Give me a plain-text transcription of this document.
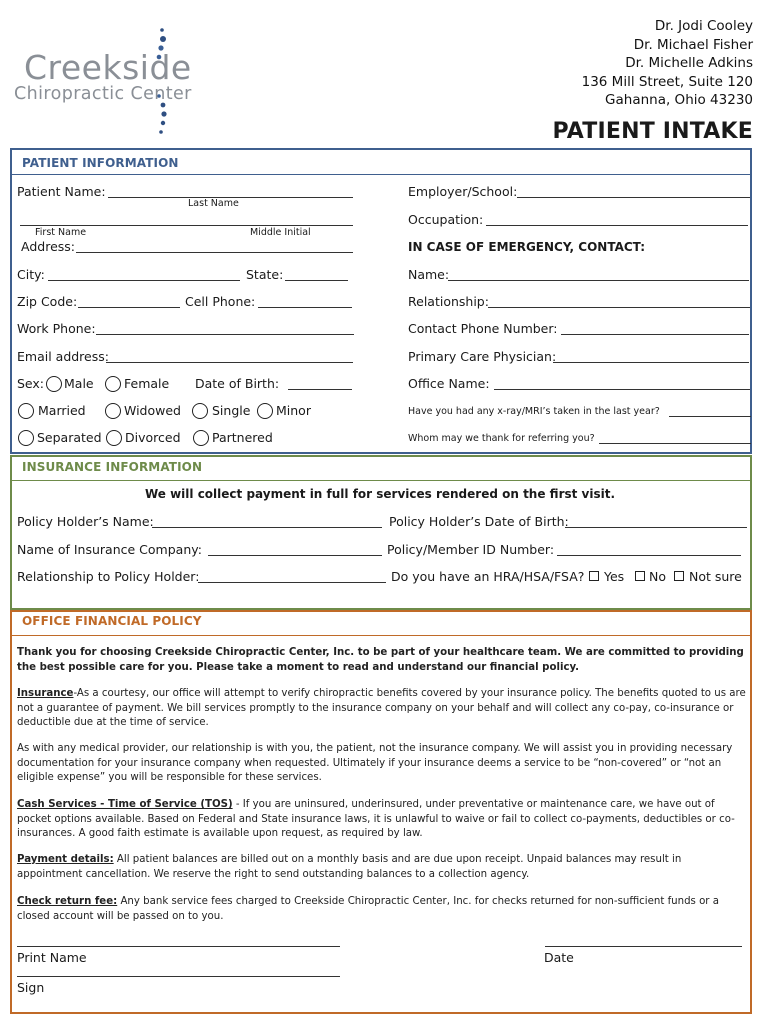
Creekside
Chiropractic Center
Dr. Jodi Cooley
Dr. Michael Fisher
Dr. Michelle Adkins
136 Mill Street, Suite 120
Gahanna, Ohio 43230
PATIENT INTAKE
PATIENT INFORMATION
Patient Name:
Last Name
First Name	Middle Initial
Address:
City:	State:
Zip Code:	Cell Phone:
Work Phone:
Email address:
Sex: Male Female Date of Birth:
Married	Widowed Single Minor
Separated Divorced	Partnered
Employer/School:
Occupation:
IN CASE OF EMERGENCY, CONTACT:
Name:
Relationship:
Contact Phone Number:
Primary Care Physician:
Office Name:
Have you had any x-ray/MRI’s taken in the last year?
Whom may we thank for referring you?
INSURANCE INFORMATION
We will collect payment in full for services rendered on the first visit.
Policy Holder’s Name:	Policy Holder’s Date of Birth:
Name of Insurance Company:	Policy/Member ID Number:
Relationship to Policy Holder:	Do you have an HRA/HSA/FSA? Yes No Not sure
OFFICE FINANCIAL POLICY
Thank you for choosing Creekside Chiropractic Center, Inc. to be part of your healthcare team. We are committed to providing the best possible care for you. Please take a moment to read and understand our financial policy.
Insurance-As a courtesy, our office will attempt to verify chiropractic benefits covered by your insurance policy. The benefits quoted to us are not a guarantee of payment. We bill services promptly to the insurance company on your behalf and will collect any co-pay, co-insurance or deductible due at the time of service.
As with any medical provider, our relationship is with you, the patient, not the insurance company. We will assist you in providing necessary documentation for your insurance company when requested. Ultimately if your insurance deems a service to be “non-covered” or “not an eligible expense” you will be responsible for these services.
Cash Services - Time of Service (TOS) - If you are uninsured, underinsured, under preventative or maintenance care, we have out of pocket options available. Based on Federal and State insurance laws, it is unlawful to waive or fail to collect co-payments, deductibles or co-insurances. A good faith estimate is available upon request, as required by law.
Payment details: All patient balances are billed out on a monthly basis and are due upon receipt. Unpaid balances may result in appointment cancellation. We reserve the right to send outstanding balances to a collection agency.
Check return fee: Any bank service fees charged to Creekside Chiropractic Center, Inc. for checks returned for non-sufficient funds or a closed account will be passed on to you.
Print Name	Date
Sign
